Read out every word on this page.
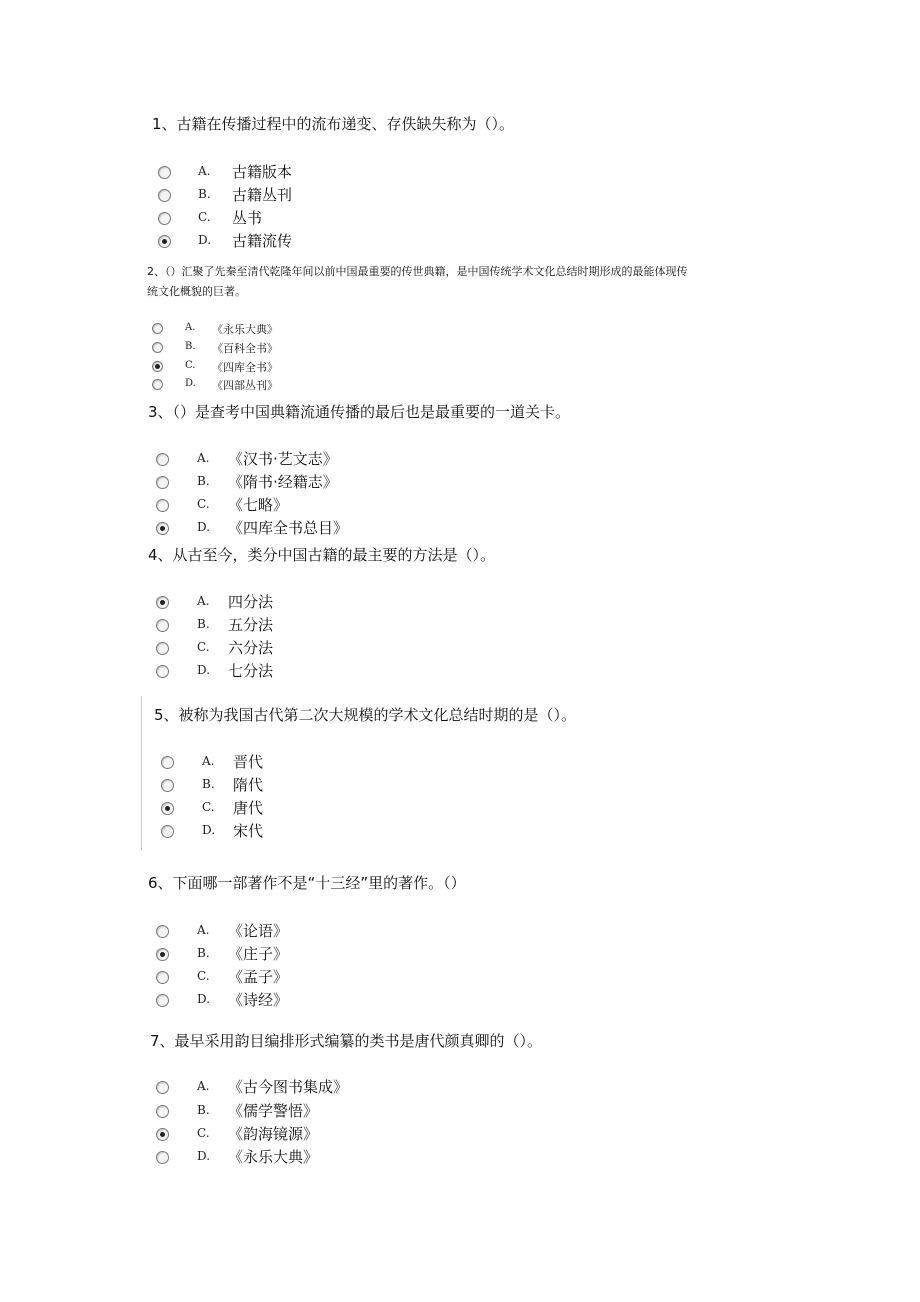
1、古籍在传播过程中的流布递变、存佚缺失称为（）。
A. 古籍版本
B. 古籍丛刊
C. 丛书
D. 古籍流传
2、（）汇聚了先秦至清代乾隆年间以前中国最重要的传世典籍，是中国传统学术文化总结时期形成的最能体现传
统文化概貌的巨著。
A. 《永乐大典》
B. 《百科全书》
C. 《四库全书》
D. 《四部丛刊》
3、（）是查考中国典籍流通传播的最后也是最重要的一道关卡。
A. 《汉书·艺文志》
B. 《隋书·经籍志》
C. 《七略》
D. 《四库全书总目》
4、从古至今，类分中国古籍的最主要的方法是（）。
A. 四分法
B. 五分法
C. 六分法
D. 七分法
5、被称为我国古代第二次大规模的学术文化总结时期的是（）。
A. 晋代
B. 隋代
C. 唐代
D. 宋代
6、下面哪一部著作不是“十三经”里的著作。（）
A. 《论语》
B. 《庄子》
C. 《孟子》
D. 《诗经》
7、最早采用韵目编排形式编纂的类书是唐代颜真卿的（）。
A. 《古今图书集成》
B. 《儒学警悟》
C. 《韵海镜源》
D. 《永乐大典》
